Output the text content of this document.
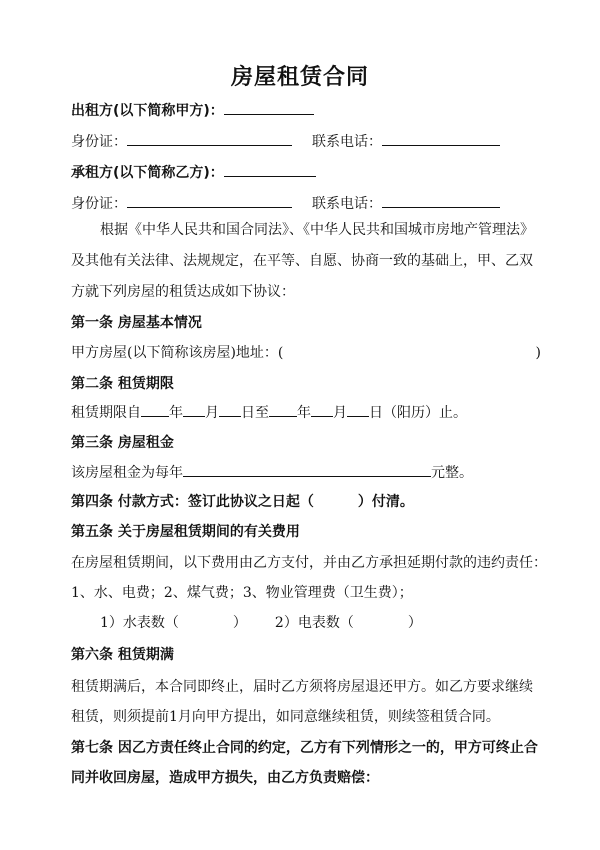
房屋租赁合同
出租方(以下简称甲方)：
身份证：	联系电话：
承租方(以下简称乙方)：
身份证：	联系电话：
根据《中华人民共和国合同法》、《中华人民共和国城市房地产管理法》
及其他有关法律、法规规定，在平等、自愿、协商一致的基础上，甲、乙双
方就下列房屋的租赁达成如下协议：
第一条 房屋基本情况
甲方房屋(以下简称该房屋)地址：(	)
第二条 租赁期限
租赁期限自 年 月 日至 年 月 日（阳历）止。
第三条 房屋租金
该房屋租金为每年	元整。
第四条 付款方式：签订此协议之日起（	）付清。
第五条 关于房屋租赁期间的有关费用
在房屋租赁期间，以下费用由乙方支付，并由乙方承担延期付款的违约责任：
1、水、电费；2、煤气费；3、物业管理费（卫生费）；
1）水表数（	） 2）电表数（	）
第六条 租赁期满
租赁期满后，本合同即终止，届时乙方须将房屋退还甲方。如乙方要求继续
租赁，则须提前1月向甲方提出，如同意继续租赁，则续签租赁合同。
第七条 因乙方责任终止合同的约定，乙方有下列情形之一的，甲方可终止合
同并收回房屋，造成甲方损失，由乙方负责赔偿：
